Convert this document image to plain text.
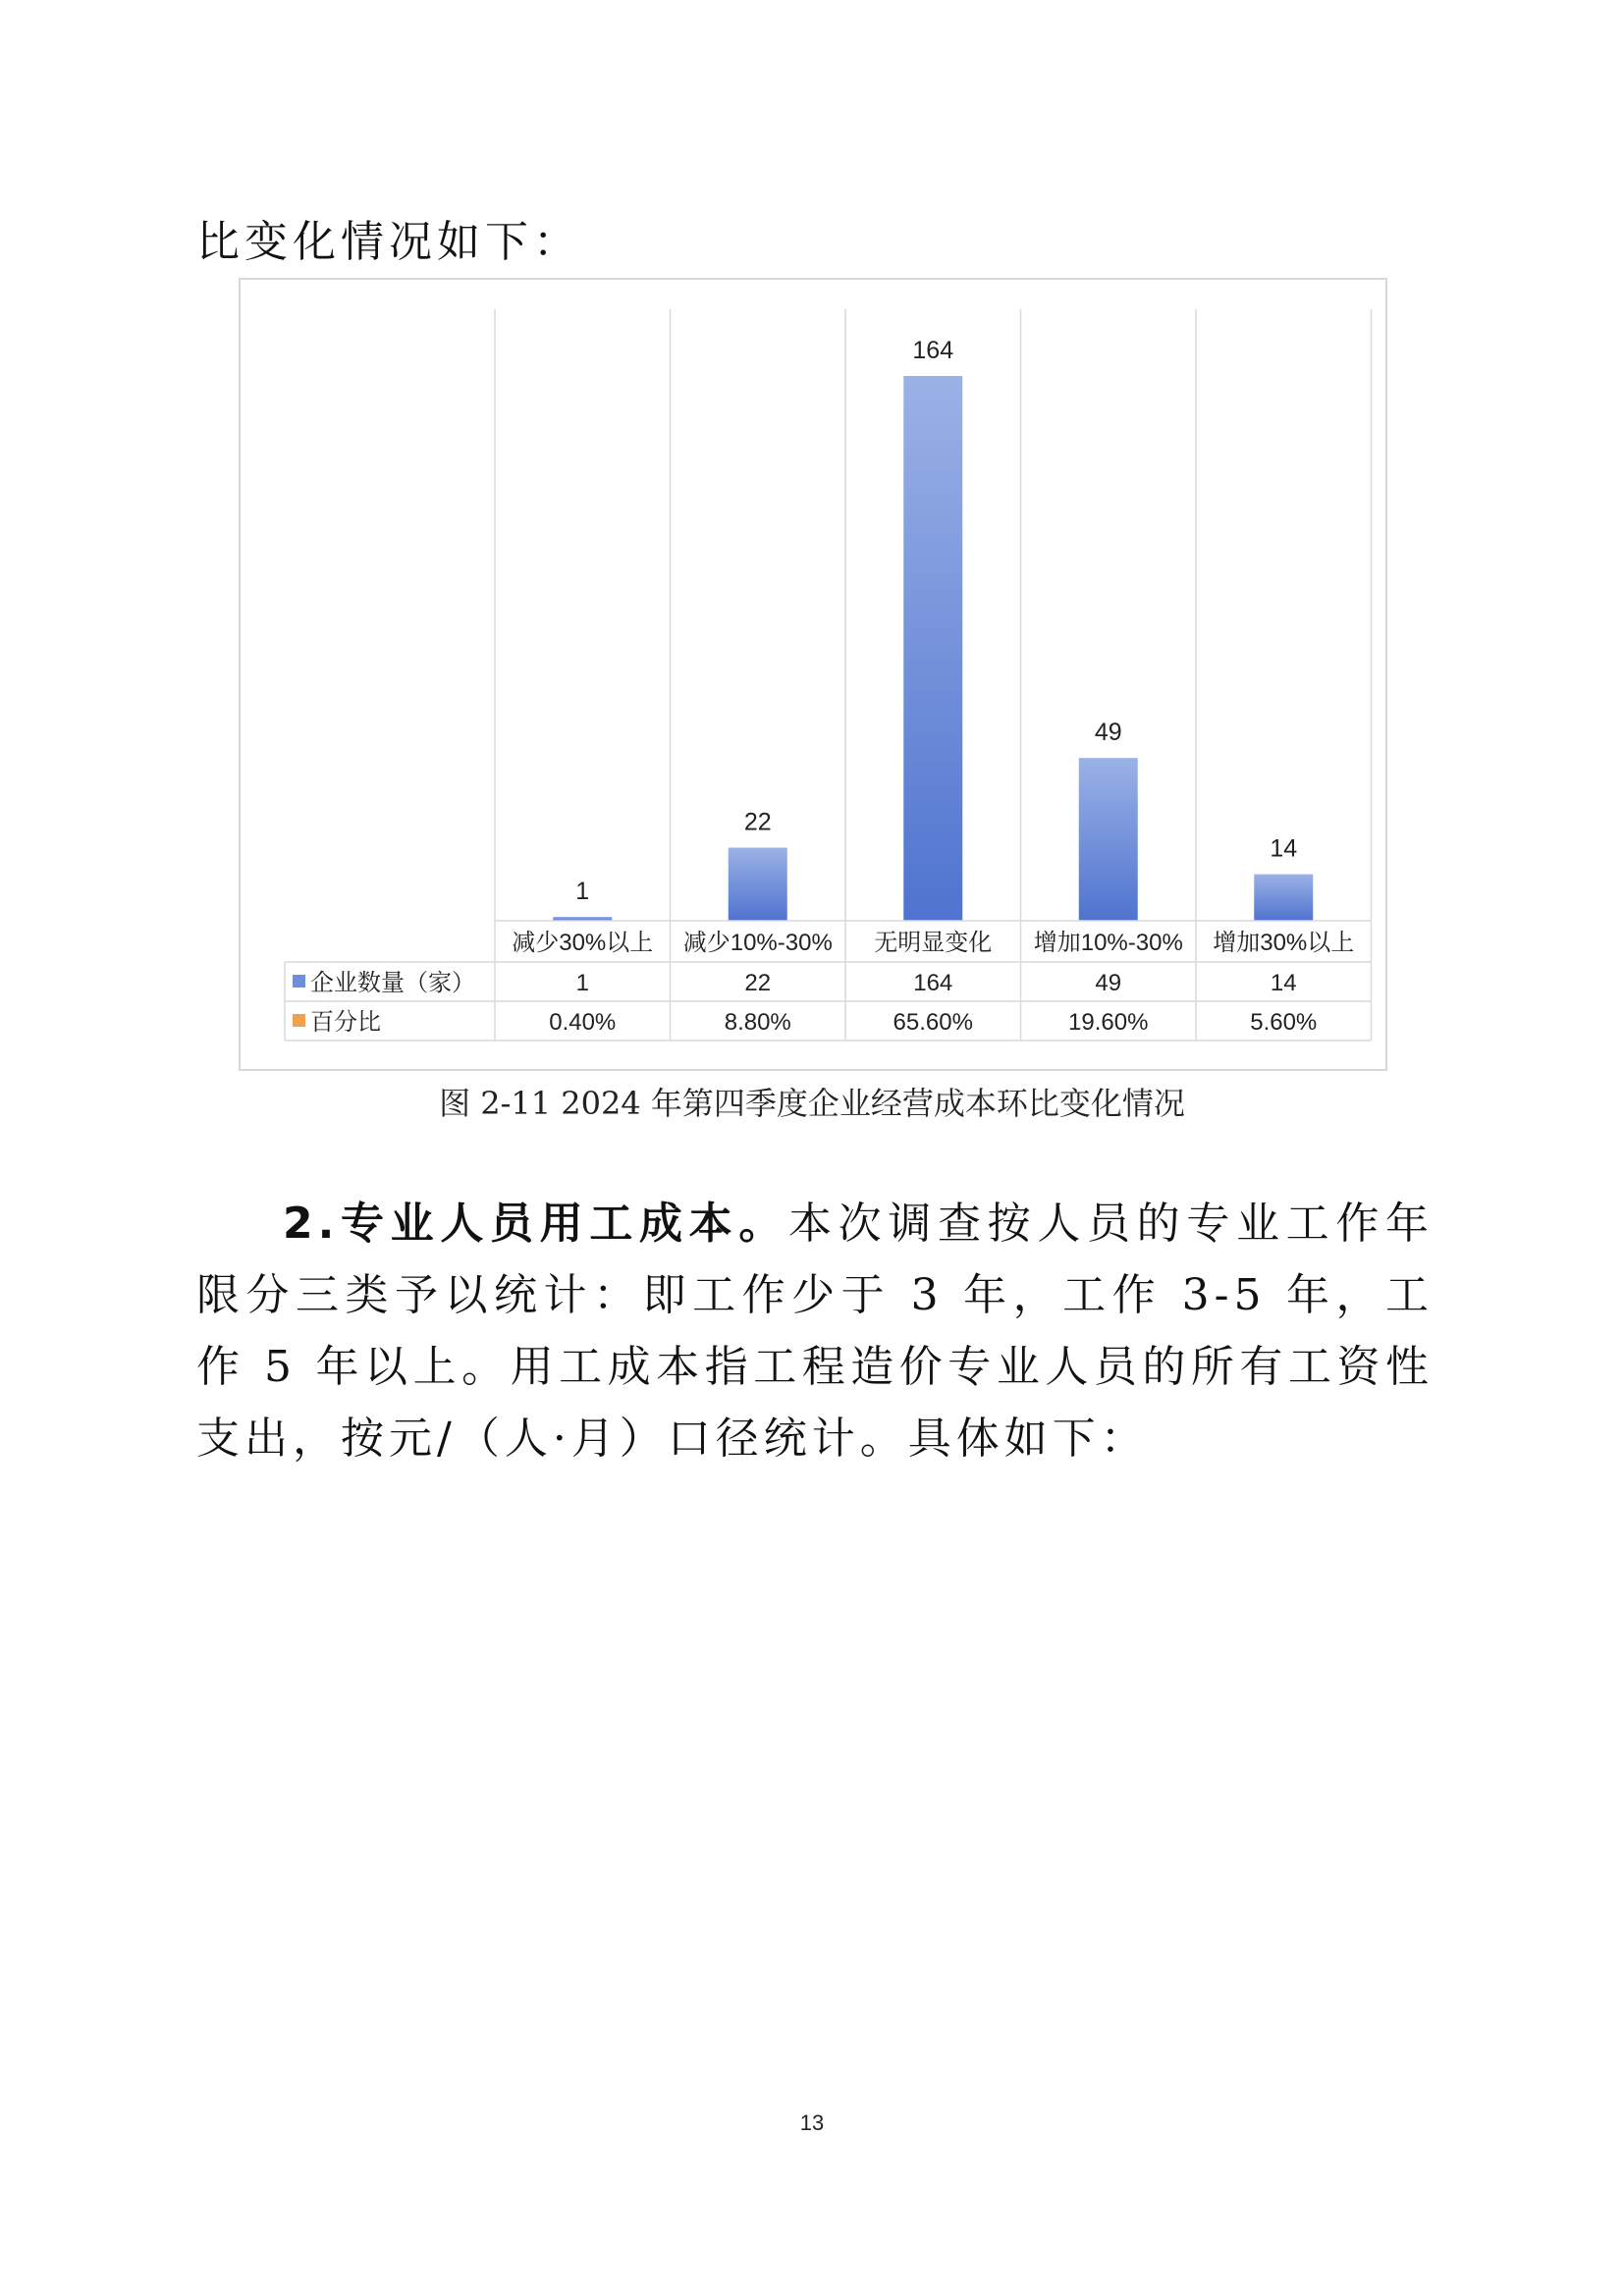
比变化情况如下：
1
22
164
49
14
减少30%以上 减少10%-30% 无明显变化 增加10%-30% 增加30%以上
企业数量（家）	1	22	164	49	14
百分比	0.40%	8.80%	65.60%	19.60%	5.60%
图 2-11 2024 年第四季度企业经营成本环比变化情况
2.专业人员用工成本。本次调查按人员的专业工作年限分三类予以统计：即工作少于 3 年，工作 3-5 年，工作 5 年以上。用工成本指工程造价专业人员的所有工资性支出，按元/（人·月）口径统计。具体如下：
13
